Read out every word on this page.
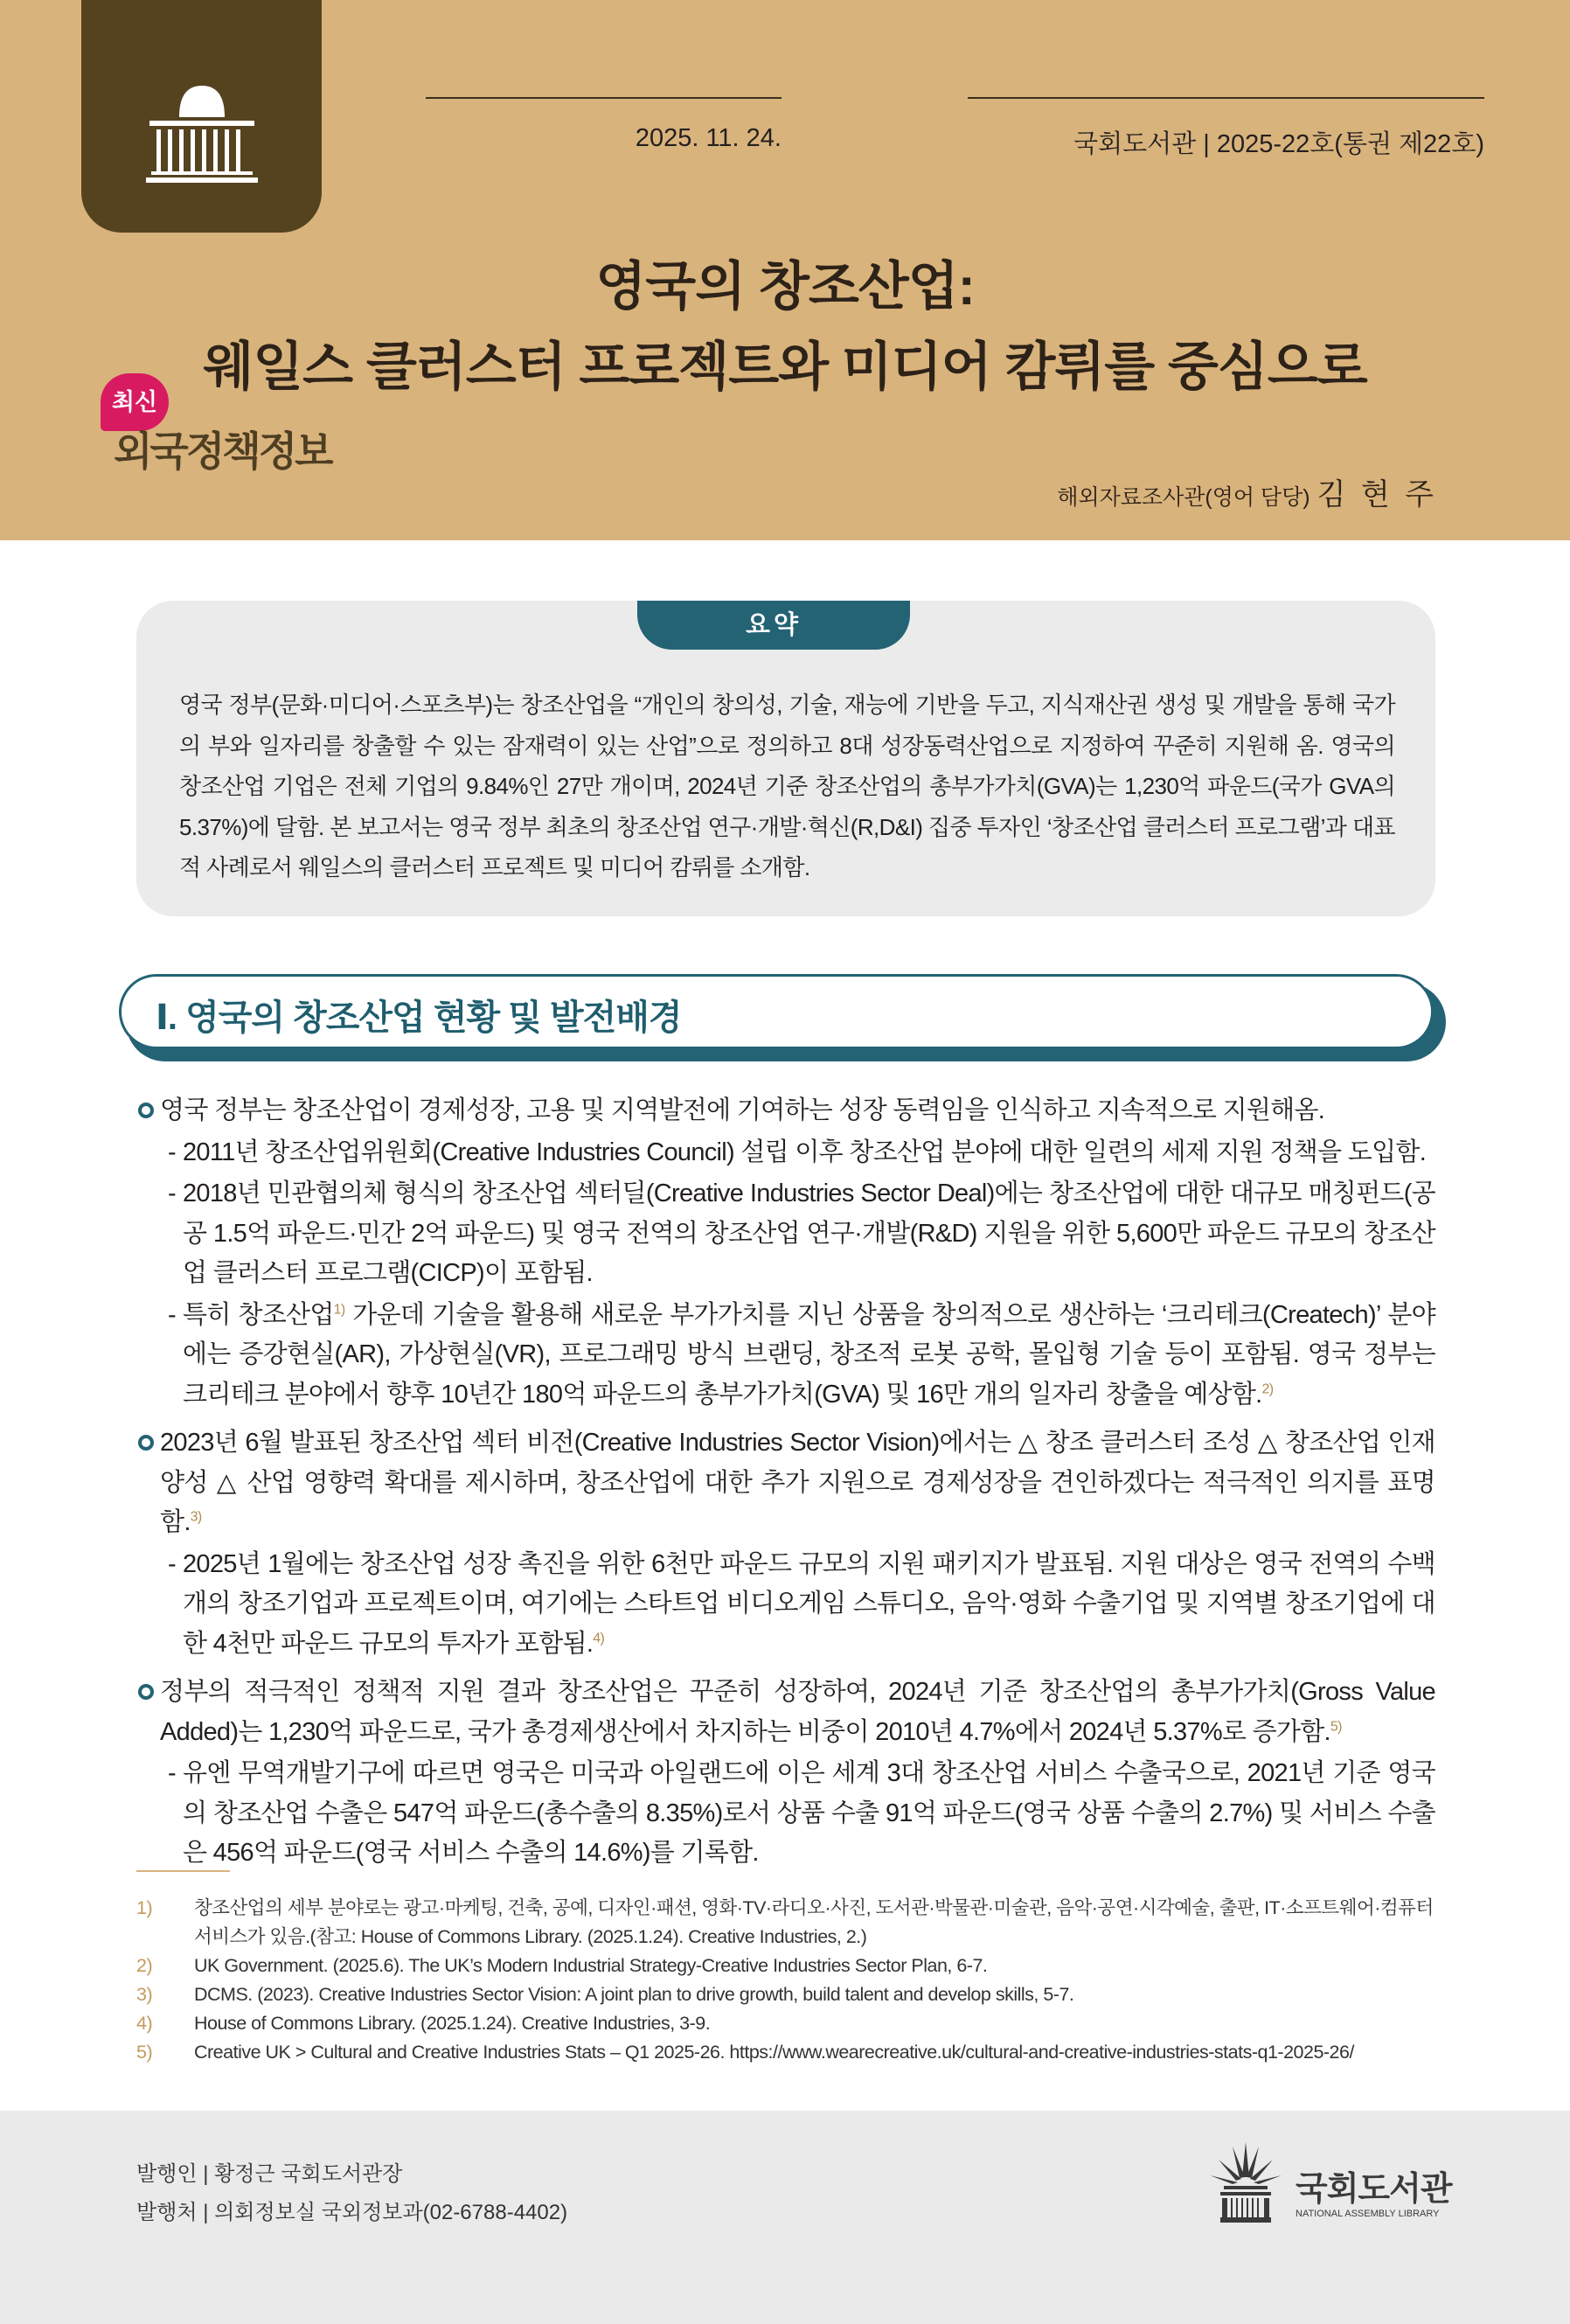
2025. 11. 24.	국회도서관 | 2025-22호(통권 제22호)
영국의 창조산업:
웨일스 클러스터 프로젝트와 미디어 캄뤼를 중심으로
최신
외국정책정보
해외자료조사관(영어 담당) 김 현 주
요약
영국 정부(문화·미디어·스포츠부)는 창조산업을 “개인의 창의성, 기술, 재능에 기반을 두고, 지식재산권 생성 및 개발을 통해 국가의 부와 일자리를 창출할 수 있는 잠재력이 있는 산업”으로 정의하고 8대 성장동력산업으로 지정하여 꾸준히 지원해 옴. 영국의 창조산업 기업은 전체 기업의 9.84%인 27만 개이며, 2024년 기준 창조산업의 총부가가치(GVA)는 1,230억 파운드(국가 GVA의 5.37%)에 달함. 본 보고서는 영국 정부 최초의 창조산업 연구·개발·혁신(R,D&I) 집중 투자인 ‘창조산업 클러스터 프로그램’과 대표적 사례로서 웨일스의 클러스터 프로젝트 및 미디어 캄뤼를 소개함.
Ⅰ. 영국의 창조산업 현황 및 발전배경
영국 정부는 창조산업이 경제성장, 고용 및 지역발전에 기여하는 성장 동력임을 인식하고 지속적으로 지원해옴.
- 2011년 창조산업위원회(Creative Industries Council) 설립 이후 창조산업 분야에 대한 일련의 세제 지원 정책을 도입함.
- 2018년 민관협의체 형식의 창조산업 섹터딜(Creative Industries Sector Deal)에는 창조산업에 대한 대규모 매칭펀드(공공 1.5억 파운드·민간 2억 파운드) 및 영국 전역의 창조산업 연구·개발(R&D) 지원을 위한 5,600만 파운드 규모의 창조산업 클러스터 프로그램(CICP)이 포함됨.
- 특히 창조산업$^{1)}$ 가운데 기술을 활용해 새로운 부가가치를 지닌 상품을 창의적으로 생산하는 ‘크리테크(Createch)’ 분야에는 증강현실(AR), 가상현실(VR), 프로그래밍 방식 브랜딩, 창조적 로봇 공학, 몰입형 기술 등이 포함됨. 영국 정부는 크리테크 분야에서 향후 10년간 180억 파운드의 총부가가치(GVA) 및 16만 개의 일자리 창출을 예상함.$^{2)}$
2023년 6월 발표된 창조산업 섹터 비전(Creative Industries Sector Vision)에서는 △ 창조 클러스터 조성 △ 창조산업 인재 양성 △ 산업 영향력 확대를 제시하며, 창조산업에 대한 추가 지원으로 경제성장을 견인하겠다는 적극적인 의지를 표명함.$^{3)}$
- 2025년 1월에는 창조산업 성장 촉진을 위한 6천만 파운드 규모의 지원 패키지가 발표됨. 지원 대상은 영국 전역의 수백 개의 창조기업과 프로젝트이며, 여기에는 스타트업 비디오게임 스튜디오, 음악·영화 수출기업 및 지역별 창조기업에 대한 4천만 파운드 규모의 투자가 포함됨.$^{4)}$
정부의 적극적인 정책적 지원 결과 창조산업은 꾸준히 성장하여, 2024년 기준 창조산업의 총부가가치(Gross Value Added)는 1,230억 파운드로, 국가 총경제생산에서 차지하는 비중이 2010년 4.7%에서 2024년 5.37%로 증가함.$^{5)}$
- 유엔 무역개발기구에 따르면 영국은 미국과 아일랜드에 이은 세계 3대 창조산업 서비스 수출국으로, 2021년 기준 영국의 창조산업 수출은 547억 파운드(총수출의 8.35%)로서 상품 수출 91억 파운드(영국 상품 수출의 2.7%) 및 서비스 수출은 456억 파운드(영국 서비스 수출의 14.6%)를 기록함.
1) 창조산업의 세부 분야로는 광고·마케팅, 건축, 공예, 디자인·패션, 영화·TV·라디오·사진, 도서관·박물관·미술관, 음악·공연·시각예술, 출판, IT·소프트웨어·컴퓨터 서비스가 있음.(참고: House of Commons Library. (2025.1.24). Creative Industries, 2.)
2) UK Government. (2025.6). The UK’s Modern Industrial Strategy-Creative Industries Sector Plan, 6-7.
3) DCMS. (2023). Creative Industries Sector Vision: A joint plan to drive growth, build talent and develop skills, 5-7.
4) House of Commons Library. (2025.1.24). Creative Industries, 3-9.
5) Creative UK > Cultural and Creative Industries Stats – Q1 2025-26. https://www.wearecreative.uk/cultural-and-creative-industries-stats-q1-2025-26/
발행인 | 황정근 국회도서관장
발행처 | 의회정보실 국외정보과(02-6788-4402)
국회도서관
NATIONAL ASSEMBLY LIBRARY
